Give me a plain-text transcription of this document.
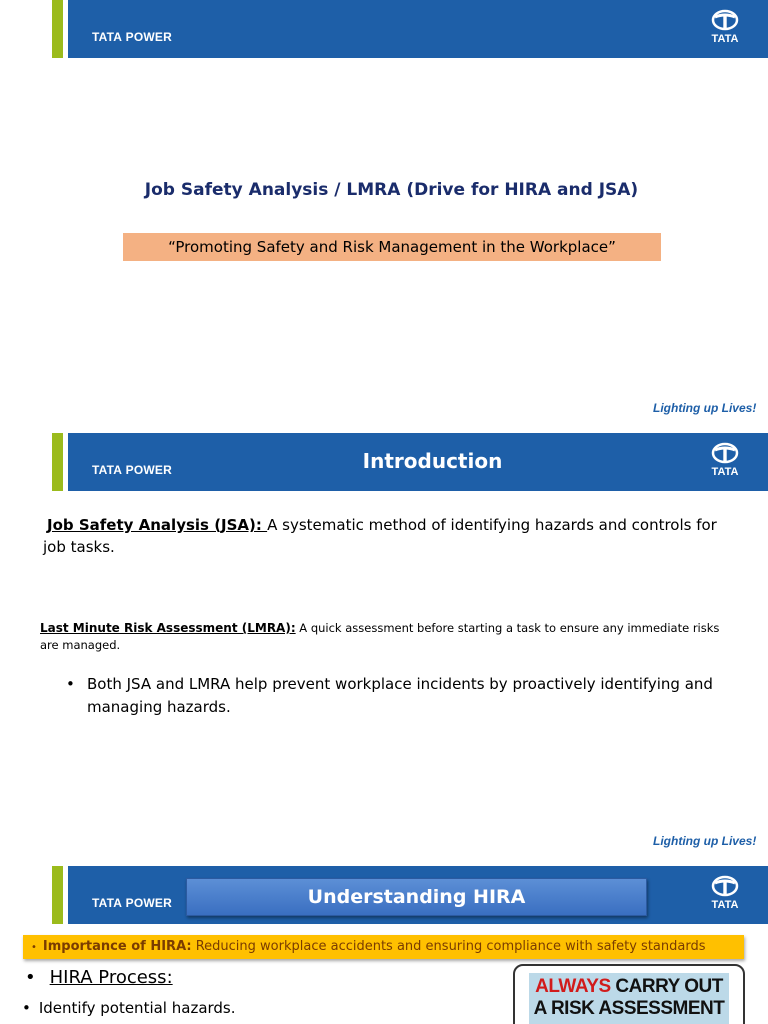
TATA POWER	TATA
Job Safety Analysis / LMRA (Drive for HIRA and JSA)
“Promoting Safety and Risk Management in the Workplace”
Lighting up Lives!
TATA POWER	Introduction	TATA
Job Safety Analysis (JSA): A systematic method of identifying hazards and controls for job tasks.
Last Minute Risk Assessment (LMRA): A quick assessment before starting a task to ensure any immediate risks are managed.
• Both JSA and LMRA help prevent workplace incidents by proactively identifying and managing hazards.
Lighting up Lives!
TATA POWER	TATA
Understanding HIRA
• Importance of HIRA: Reducing workplace accidents and ensuring compliance with safety standards
• HIRA Process:
• Identify potential hazards.
ALWAYS CARRY OUT
A RISK ASSESSMENT
